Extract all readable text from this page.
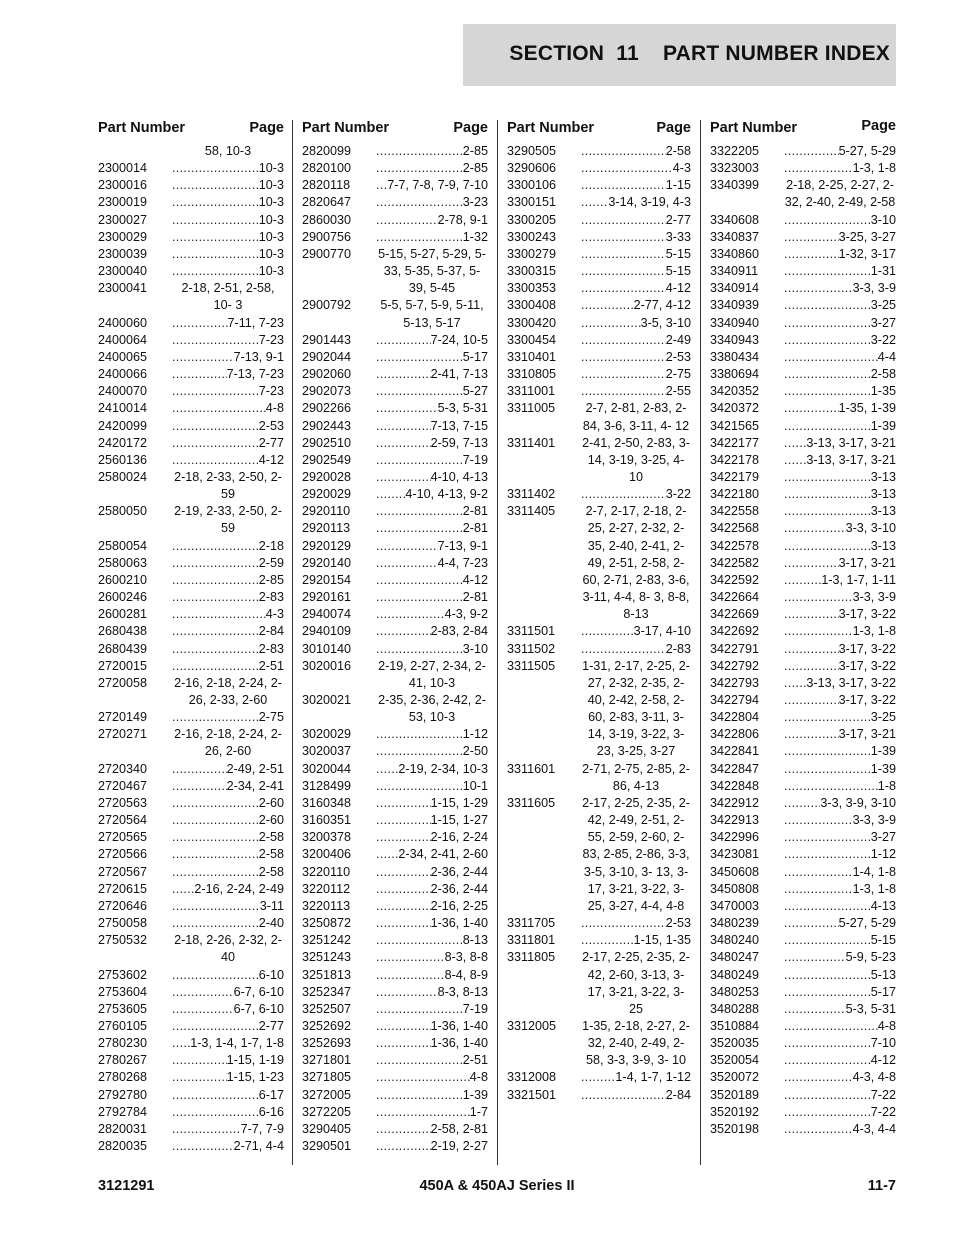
SECTION  11    PART NUMBER INDEX
Part Number	Page
58, 10-3
2300014 .....	10-3
2300016 .....	10-3
2300019 .....	10-3
2300027 .....	10-3
2300029 .....	10-3
2300039 .....	10-3
2300040 .....	10-3
2300041	2-18, 2-51, 2-58, 10- 3
2400060 .....	7-11, 7-23
2400064 .....	7-23
2400065 .....	7-13, 9-1
2400066 .....	7-13, 7-23
2400070 .....	7-23
2410014 .....	4-8
2420099 .....	2-53
2420172 .....	2-77
2560136 .....	4-12
2580024 2-18, 2-33, 2-50, 2- 59
2580050 2-19, 2-33, 2-50, 2- 59
2580054 .....	2-18
2580063 .....	2-59
2600210 .....	2-85
2600246 .....	2-83
2600281 .....	4-3
2680438 .....	2-84
2680439 .....	2-83
2720015 .....	2-51
2720058 2-16, 2-18, 2-24, 2- 26, 2-33, 2-60
2720149 .....	2-75
2720271 2-16, 2-18, 2-24, 2- 26, 2-60
2720340 .....	2-49, 2-51
2720467 .....	2-34, 2-41
2720563 .....	2-60
2720564 .....	2-60
2720565 .....	2-58
2720566 .....	2-58
2720567 .....	2-58
2720615 .....	2-16, 2-24, 2-49
2720646 .....	3-11
2750058 .....	2-40
2750532 2-18, 2-26, 2-32, 2- 40
2753602 .....	6-10
2753604 .....	6-7, 6-10
2753605 .....	6-7, 6-10
2760105 .....	2-77
2780230 .....	1-3, 1-4, 1-7, 1-8
2780267 .....	1-15, 1-19
2780268 .....	1-15, 1-23
2792780 .....	6-17
2792784 .....	6-16
2820031 .....	7-7, 7-9
2820035 .....	2-71, 4-4
Part Number	Page
2820099 .....	2-85
2820100 .....	2-85
2820118 .....	7-7, 7-8, 7-9, 7-10
2820647 .....	3-23
2860030 .....	2-78, 9-1
2900756 .....	1-32
2900770 5-15, 5-27, 5-29, 5- 33, 5-35, 5-37, 5-39, 5-45
2900792	5-5, 5-7, 5-9, 5-11, 5-13, 5-17
2901443 .....	7-24, 10-5
2902044 .....	5-17
2902060 .....	2-41, 7-13
2902073 .....	5-27
2902266 .....	5-3, 5-31
2902443 .....	7-13, 7-15
2902510 .....	2-59, 7-13
2902549 .....	7-19
2920028 .....	4-10, 4-13
2920029 .....	4-10, 4-13, 9-2
2920110 .....	2-81
2920113 .....	2-81
2920129 .....	7-13, 9-1
2920140 .....	4-4, 7-23
2920154 .....	4-12
2920161 .....	2-81
2940074 .....	4-3, 9-2
2940109 .....	2-83, 2-84
3010140 .....	3-10
3020016 2-19, 2-27, 2-34, 2- 41, 10-3
3020021 2-35, 2-36, 2-42, 2- 53, 10-3
3020029 .....	1-12
3020037 .....	2-50
3020044 .....	2-19, 2-34, 10-3
3128499 .....	10-1
3160348 .....	1-15, 1-29
3160351 .....	1-15, 1-27
3200378 .....	2-16, 2-24
3200406 .....	2-34, 2-41, 2-60
3220110 .....	2-36, 2-44
3220112 .....	2-36, 2-44
3220113 .....	2-16, 2-25
3250872 .....	1-36, 1-40
3251242 .....	8-13
3251243 .....	8-3, 8-8
3251813 .....	8-4, 8-9
3252347 .....	8-3, 8-13
3252507 .....	7-19
3252692 .....	1-36, 1-40
3252693 .....	1-36, 1-40
3271801 .....	2-51
3271805 .....	4-8
3272005 .....	1-39
3272205 .....	1-7
3290405 .....	2-58, 2-81
3290501 .....	2-19, 2-27
Part Number	Page
3290505 .....	2-58
3290606 .....	4-3
3300106 .....	1-15
3300151 .....	3-14, 3-19, 4-3
3300205 .....	2-77
3300243 .....	3-33
3300279 .....	5-15
3300315 .....	5-15
3300353 .....	4-12
3300408 .....	2-77, 4-12
3300420 .....	3-5, 3-10
3300454 .....	2-49
3310401 .....	2-53
3310805 .....	2-75
3311001 .....	2-55
3311005	2-7, 2-81, 2-83, 2- 84, 3-6, 3-11, 4- 12
3311401 2-41, 2-50, 2-83, 3- 14, 3-19, 3-25, 4-10
3311402 .....	3-22
3311405	2-7, 2-17, 2-18, 2- 25, 2-27, 2-32, 2-35, 2-40, 2-41, 2-49, 2-51, 2-58, 2-60, 2-71, 2-83, 3-6, 3-11, 4-4, 8- 3, 8-8, 8-13
3311501 .....	3-17, 4-10
3311502 .....	2-83
3311505 1-31, 2-17, 2-25, 2- 27, 2-32, 2-35, 2-40, 2-42, 2-58, 2-60, 2-83, 3-11, 3-14, 3-19, 3-22, 3-23, 3-25, 3-27
3311601 2-71, 2-75, 2-85, 2- 86, 4-13
3311605 2-17, 2-25, 2-35, 2- 42, 2-49, 2-51, 2-55, 2-59, 2-60, 2-83, 2-85, 2-86, 3-3, 3-5, 3-10, 3- 13, 3-17, 3-21, 3-22, 3-25, 3-27, 4-4, 4-8
3311705 .....	2-53
3311801 .....	1-15, 1-35
3311805 2-17, 2-25, 2-35, 2- 42, 2-60, 3-13, 3-17, 3-21, 3-22, 3-25
3312005 1-35, 2-18, 2-27, 2- 32, 2-40, 2-49, 2-58, 3-3, 3-9, 3- 10
3312008 .....	1-4, 1-7, 1-12
3321501 .....	2-84
Part Number	Page
3322205 .....	5-27, 5-29
3323003 .....	1-3, 1-8
3340399 2-18, 2-25, 2-27, 2- 32, 2-40, 2-49, 2-58
3340608 .....	3-10
3340837 .....	3-25, 3-27
3340860 .....	1-32, 3-17
3340911 .....	1-31
3340914 .....	3-3, 3-9
3340939 .....	3-25
3340940 .....	3-27
3340943 .....	3-22
3380434 .....	4-4
3380694 .....	2-58
3420352 .....	1-35
3420372 .....	1-35, 1-39
3421565 .....	1-39
3422177 .....	3-13, 3-17, 3-21
3422178 .....	3-13, 3-17, 3-21
3422179 .....	3-13
3422180 .....	3-13
3422558 .....	3-13
3422568 .....	3-3, 3-10
3422578 .....	3-13
3422582 .....	3-17, 3-21
3422592 .....	1-3, 1-7, 1-11
3422664 .....	3-3, 3-9
3422669 .....	3-17, 3-22
3422692 .....	1-3, 1-8
3422791 .....	3-17, 3-22
3422792 .....	3-17, 3-22
3422793 .....	3-13, 3-17, 3-22
3422794 .....	3-17, 3-22
3422804 .....	3-25
3422806 .....	3-17, 3-21
3422841 .....	1-39
3422847 .....	1-39
3422848 .....	1-8
3422912 .....	3-3, 3-9, 3-10
3422913 .....	3-3, 3-9
3422996 .....	3-27
3423081 .....	1-12
3450608 .....	1-4, 1-8
3450808 .....	1-3, 1-8
3470003 .....	4-13
3480239 .....	5-27, 5-29
3480240 .....	5-15
3480247 .....	5-9, 5-23
3480249 .....	5-13
3480253 .....	5-17
3480288 .....	5-3, 5-31
3510884 .....	4-8
3520035 .....	7-10
3520054 .....	4-12
3520072 .....	4-3, 4-8
3520189 .....	7-22
3520192 .....	7-22
3520198 .....	4-3, 4-4
3121291	450A & 450AJ Series II	11-7
